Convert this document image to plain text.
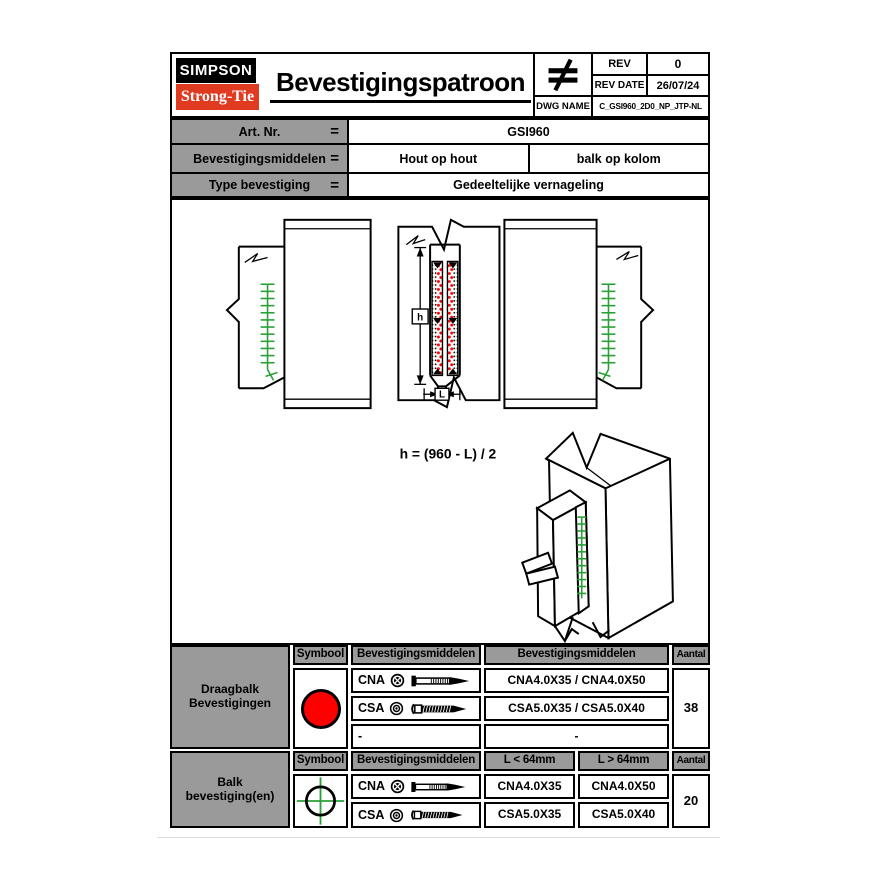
SIMPSON
Strong-Tie Bevestigingspatroon
REV	0
REV DATE	26/07/24
DWG NAME	C_GSI960_2D0_NP_JTP-NL
Art. Nr.	=	GSI960
Bevestigingsmiddelen =	Hout op hout	balk op kolom
Type bevestiging =	Gedeeltelijke vernageling
h
L
h = (960 - L) / 2
Draagbalk Bevestigingen
Symbool	Bevestigingsmiddelen	Bevestigingsmiddelen	Aantal
CNA	CNA4.0X35 / CNA4.0X50
CSA	CSA5.0X35 / CSA5.0X40
-	-
38
Balk bevestiging(en)
Symbool	Bevestigingsmiddelen	L < 64mm	L > 64mm	Aantal
CNA	CNA4.0X35	CNA4.0X50
CSA	CSA5.0X35	CSA5.0X40
20
